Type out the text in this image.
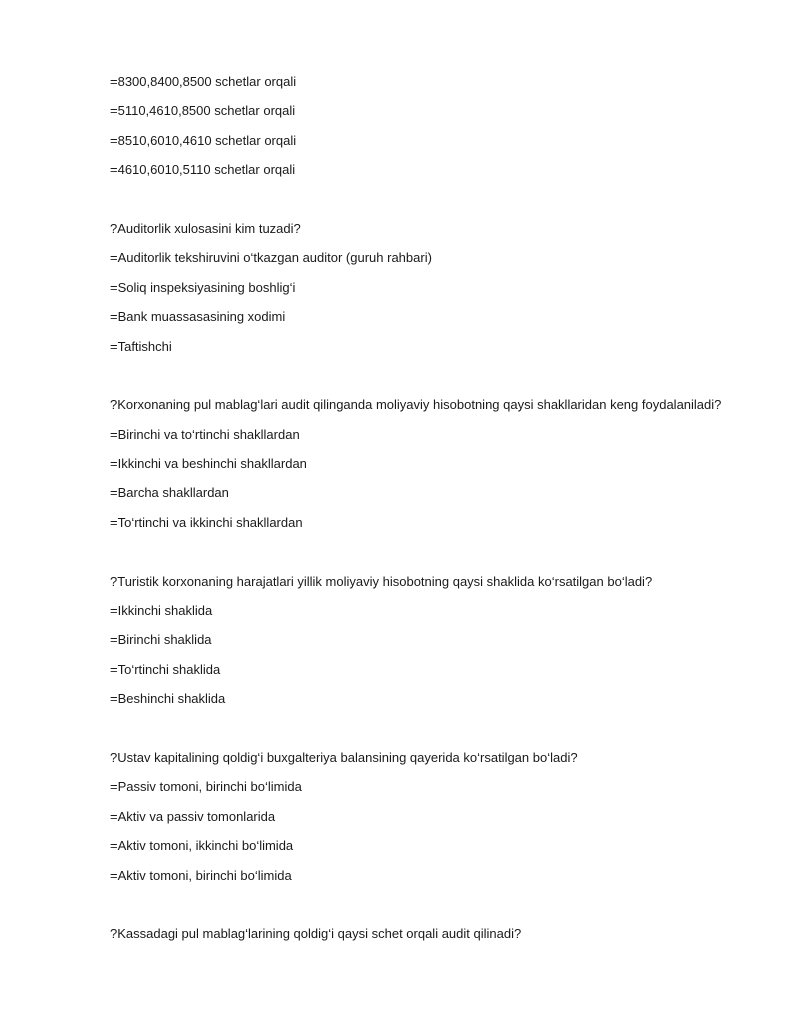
=8300,8400,8500 schetlar orqali
=5110,4610,8500 schetlar orqali
=8510,6010,4610 schetlar orqali
=4610,6010,5110 schetlar orqali
?Auditorlik xulosasini kim tuzadi?
=Auditorlik tekshiruvini o‘tkazgan auditor (guruh rahbari)
=Soliq inspeksiyasining boshlig‘i
=Bank muassasasining xodimi
=Taftishchi
?Korxonaning pul mablag‘lari audit qilinganda moliyaviy hisobotning qaysi shakllaridan keng foydalaniladi?
=Birinchi va to‘rtinchi shakllardan
=Ikkinchi va beshinchi shakllardan
=Barcha shakllardan
=To‘rtinchi va ikkinchi shakllardan
?Turistik korxonaning harajatlari yillik moliyaviy hisobotning qaysi shaklida ko‘rsatilgan bo‘ladi?
=Ikkinchi shaklida
=Birinchi shaklida
=To‘rtinchi shaklida
=Beshinchi shaklida
?Ustav kapitalining qoldig‘i buxgalteriya balansining qayerida ko‘rsatilgan bo‘ladi?
=Passiv tomoni, birinchi bo‘limida
=Aktiv va passiv tomonlarida
=Aktiv tomoni, ikkinchi bo‘limida
=Aktiv tomoni, birinchi bo‘limida
?Kassadagi pul mablag‘larining qoldig‘i qaysi schet orqali audit qilinadi?
